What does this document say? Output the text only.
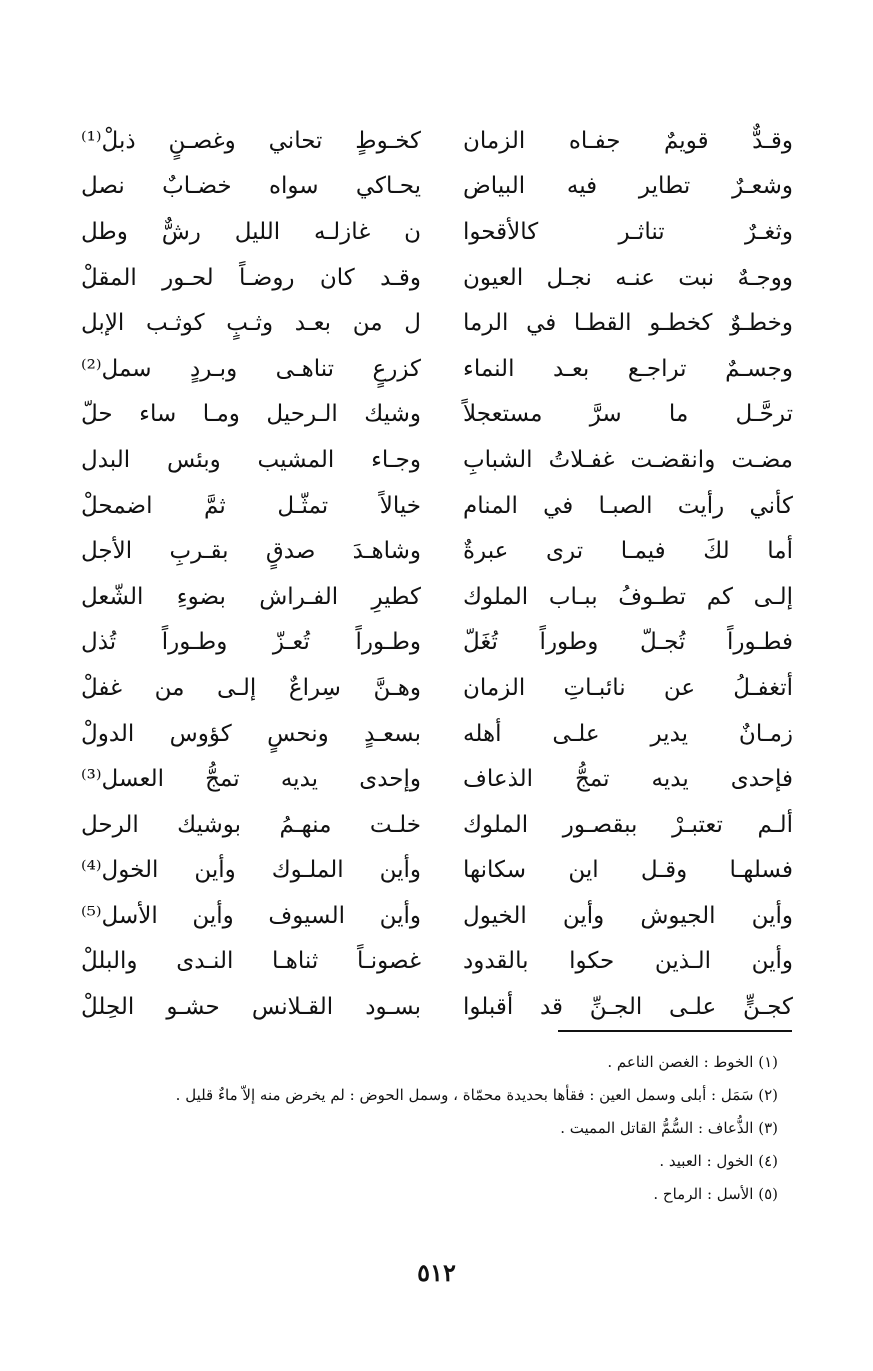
وقـدٌّ قويمٌ جفـاه الزمان
كخـوطٍ تحاني وغصـنٍ ذبلْ⁽¹⁾
وشعـرٌ تطاير فيه البياض
يحـاكي سواه خضـابٌ نصل
وثغـرٌ تناثـر كالأقحوا
ن غازلـه الليل رشٌّ وطل
ووجـهٌ نبت عنـه نجـل العيون
وقـد كان روضـاً لحـور المقلْ
وخطـوٌ كخطـو القطـا في الرما
ل من بعـد وثـبٍ كوثـب الإبل
وجسـمٌ تراجـع بعـد النماء
كزرعٍ تناهـى وبـردٍ سمل⁽²⁾
ترحَّـل ما سرَّ مستعجلاً
وشيك الـرحيل ومـا ساء حلّ
مضـت وانقضـت غفـلاتُ الشبابِ
وجـاء المشيب وبئس البدل
كأني رأيت الصبـا في المنام
خيالاً تمثّـل ثمَّ اضمحلْ
أما لكَ فيمـا ترى عبرةٌ
وشاهـدَ صدقٍ بقـربِ الأجل
إلـى كم تطـوفُ ببـاب الملوك
كطيرِ الفـراش بضوءِ الشّعل
فطـوراً تُجـلّ وطوراً تُغَلّ
وطـوراً تُعـزّ وطـوراً تُذل
أتغفـلُ عن نائبـاتِ الزمان
وهـنَّ سِراعٌ إلـى من غفلْ
زمـانٌ يدير علـى أهله
بسعـدٍ ونحسٍ كؤوس الدولْ
فإحدى يديه تمجُّ الذعاف
وإحدى يديه تمجُّ العسل⁽³⁾
ألـم تعتبـرْ ببقصـور الملوك
خلـت منهـمُ بوشيك الرحل
فسلهـا وقـل اين سكانها
وأين الملـوك وأين الخول⁽⁴⁾
وأين الجيوش وأين الخيول
وأين السيوف وأين الأسل⁽⁵⁾
وأين الـذين حكوا بالقدود
غصونـاً ثناهـا النـدى والبللْ
كجـنٍّ علـى الجـنِّ قد أقبلوا
بسـود القـلانس حشـو الحِللْ
(١) الخوط : الغصن الناعم .
(٢) سَمَل : أبلى وسمل العين : فقأها بحديدة محمّاة ، وسمل الحوض : لم يخرض منه إلاّ ماءٌ قليل .
(٣) الذُّعاف : السُّمُّ القاتل المميت .
(٤) الخول : العبيد .
(٥) الأسل : الرماح .
٥١٢
